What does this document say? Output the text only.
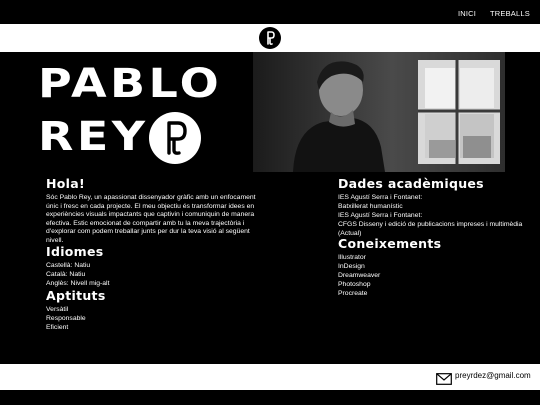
INICI TREBALLS
PABLO
REY
Hola!

Sóc Pablo Rey, un apassionat dissenyador gràfic amb un enfocament únic i fresc en cada projecte. El meu objectiu és transformar idees en experiències visuals impactants que captivin i comuniquin de manera efectiva. Estic emocionat de compartir amb tu la meva trajectòria i d'explorar com podem treballar junts per dur la teva visió al següent nivell.

Idiomes

Castellà: Natiu

Català: Natiu

Anglès: Nivell mig-alt

Aptituts

Versàtil

Responsable

Eficient

Dades acadèmiques

IES Agustí Serra i Fontanet:

Batxillerat humanístic

IES Agustí Serra i Fontanet:

CFGS Disseny i edició de publicacions impreses i multimèdia

(Actual)

Coneixements

Illustrator

InDesign

Dreamweaver

Photoshop

Procreate

preyrdez@gmail.com
